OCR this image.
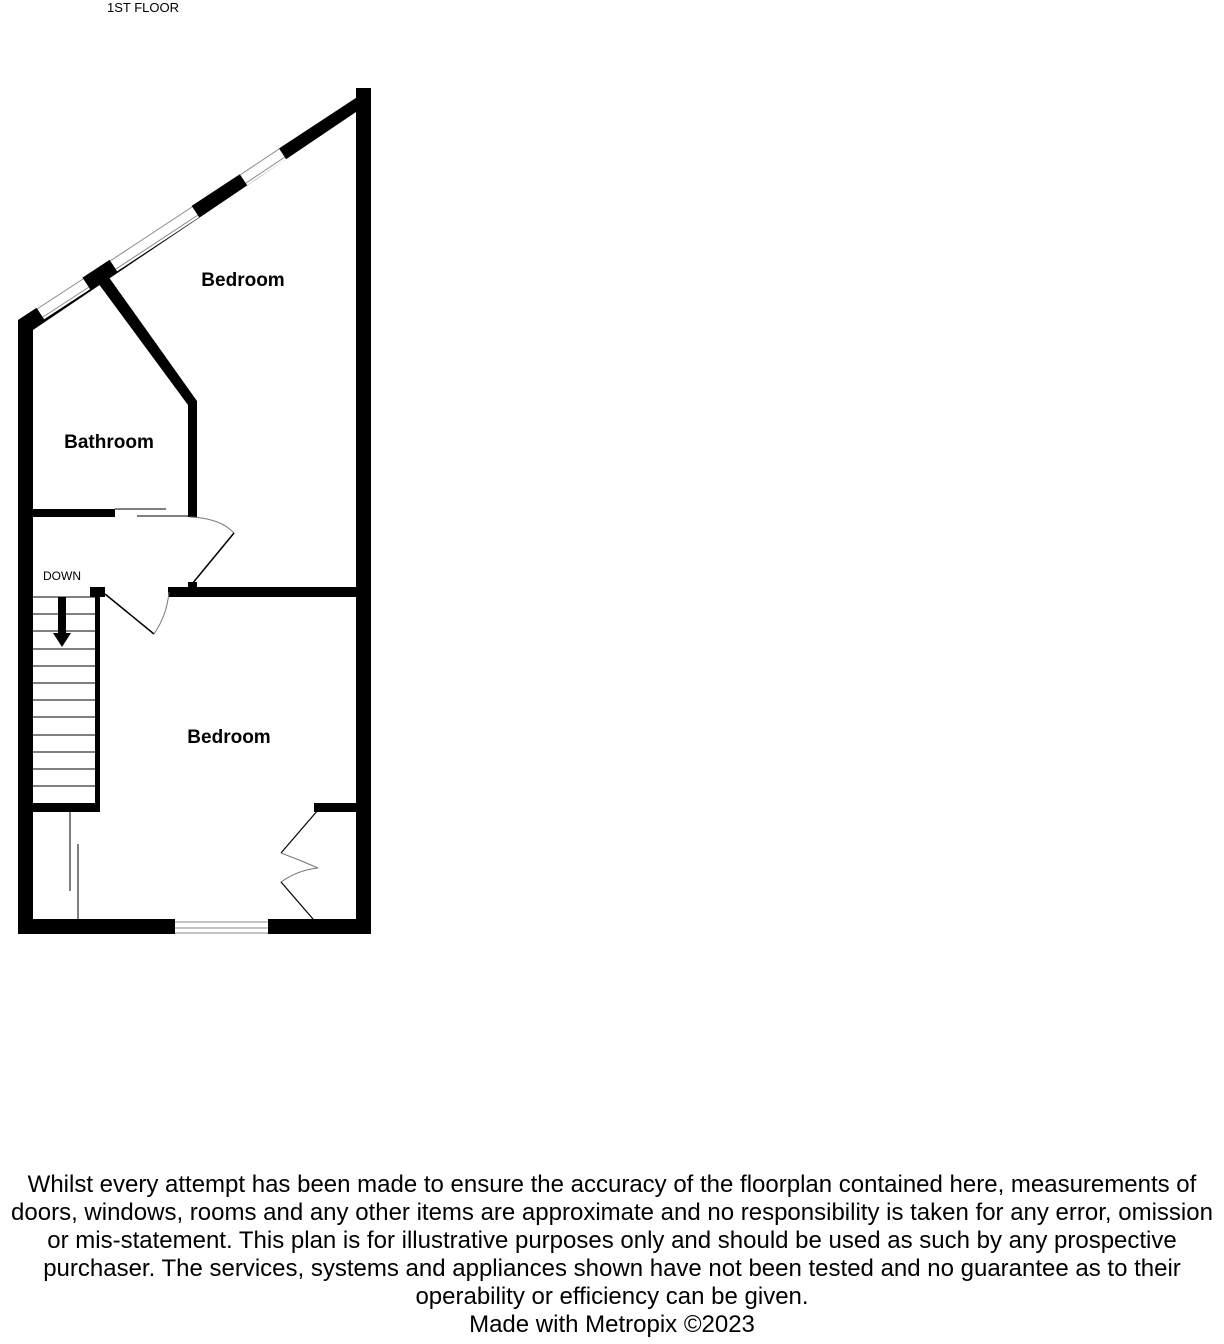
1ST FLOOR
Bedroom
Bathroom
Bedroom
DOWN
Whilst every attempt has been made to ensure the accuracy of the floorplan contained here, measurements of doors, windows, rooms and any other items are approximate and no responsibility is taken for any error, omission or mis-statement. This plan is for illustrative purposes only and should be used as such by any prospective purchaser. The services, systems and appliances shown have not been tested and no guarantee as to their operability or efficiency can be given.
Made with Metropix ©2023
